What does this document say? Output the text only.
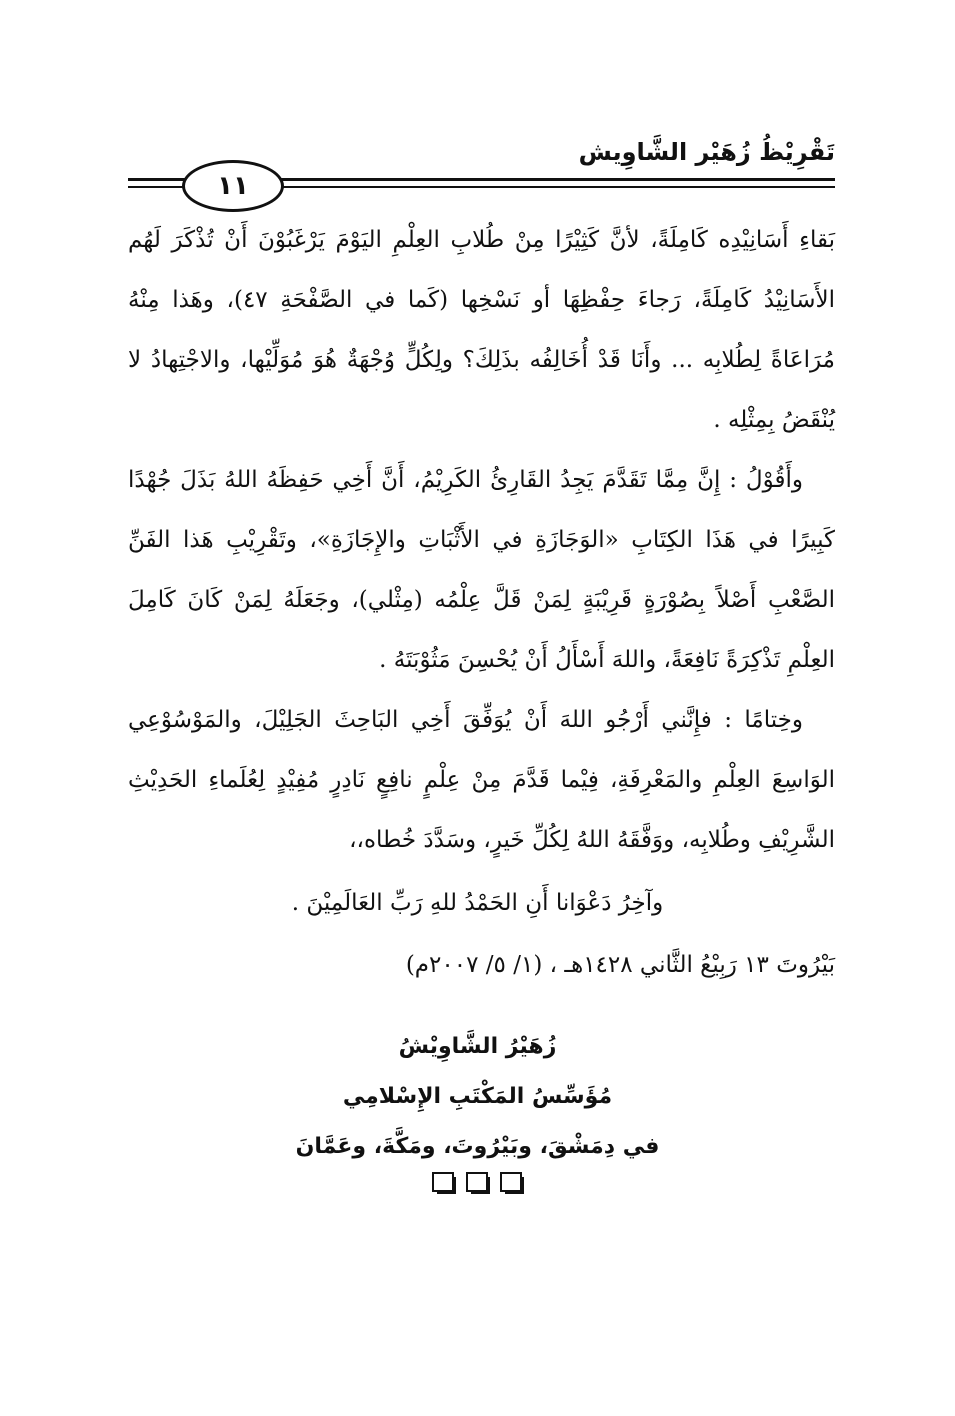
تَقْرِيْظُ زُهَيْر الشَّاوِيش
١١

بَقاءِ أَسَانِيْدِه كَامِلَةً، لأنَّ كَثِيْرًا مِنْ طُلابِ العِلْمِ اليَوْمَ يَرْغَبُوْنَ أَنْ تُذْكَرَ لَهُم الأَسَانِيْدُ كَامِلَةً، رَجاءَ حِفْظِهَا أو نَسْخِها (كَما في الصَّفْحَةِ ٤٧)، وهَذا مِنْهُ مُرَاعَاةً لِطُلابِه ... وأَنَا قَدْ أُخَالِفُه بذَلِكَ؟ ولِكُلٍّ وُجْهَةٌ هُوَ مُوَلِّيْها، والاجْتِهادُ لا يُنْقَضُ بِمِثْلِه .

وأَقُوْلُ : إِنَّ مِمَّا تَقَدَّمَ يَجِدُ القَارِئُ الكَرِيْمُ، أَنَّ أَخِي حَفِظَهُ اللهُ بَذَلَ جُهْدًا كَبِيرًا في هَذَا الكِتَابِ «الوَجَازَةِ في الأَثْبَاتِ والإِجَازَةِ»، وتَقْرِيْبِ هَذا الفَنِّ الصَّعْبِ أَصْلاً بِصُوْرَةٍ قَرِيْبَةٍ لِمَنْ قَلَّ عِلْمُه (مِثْلي)، وجَعَلَهُ لِمَنْ كَانَ كَامِلَ العِلْمِ تَذْكِرَةً نَافِعَةً، واللهَ أَسْأَلُ أَنْ يُحْسِنَ مَثُوْبَتَهُ .

وخِتامًا : فإِنَّني أَرْجُو اللهَ أَنْ يُوَفِّقَ أَخِي البَاحِثَ الجَلِيْلَ، والمَوْسُوْعِي الوَاسِعَ العِلْمِ والمَعْرِفَةِ، فِيْما قَدَّمَ مِنْ عِلْمٍ نافِعٍ نَادِرٍ مُفِيْدٍ لِعُلَماءِ الحَدِيْثِ الشَّرِيْفِ وطُلابِه، ووَفَّقَهُ اللهُ لِكُلِّ خَيرٍ، وسَدَّدَ خُطاه،،

وآخِرُ دَعْوَانا أَنِ الحَمْدُ للهِ رَبِّ العَالَمِيْنَ .
بَيْرُوتَ ١٣ رَبِيْعُ الثَّاني ١٤٢٨هـ ، (١/ ٥/ ٢٠٠٧م)
زُهَيْرُ الشَّاوِيْشُ
مُؤَسِّسُ المَكْتَبِ الإِسْلامِي
في دِمَشْقَ، وبَيْرُوتَ، ومَكَّةَ، وعَمَّانَ
